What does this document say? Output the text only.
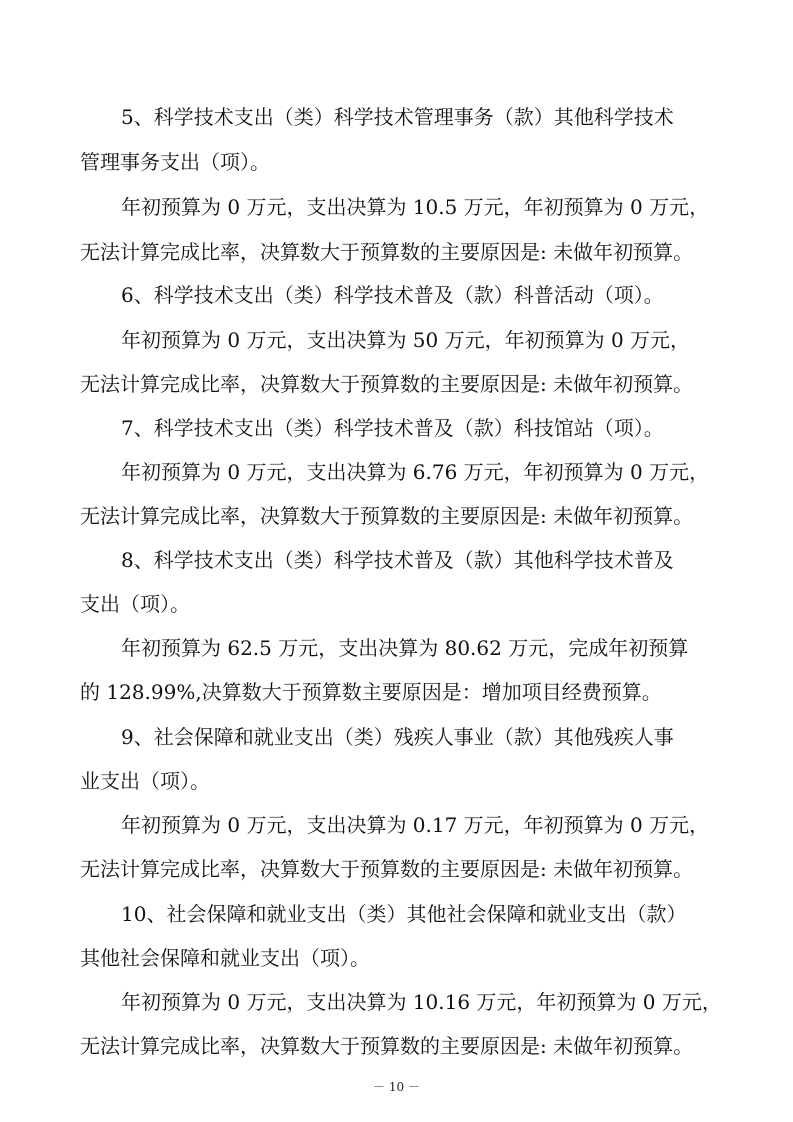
5、科学技术支出（类）科学技术管理事务（款）其他科学技术
管理事务支出（项）。
年初预算为 0 万元，支出决算为 10.5 万元，年初预算为 0 万元，
无法计算完成比率，决算数大于预算数的主要原因是: 未做年初预算。
6、科学技术支出（类）科学技术普及（款）科普活动（项）。
年初预算为 0 万元，支出决算为 50 万元，年初预算为 0 万元，
无法计算完成比率，决算数大于预算数的主要原因是: 未做年初预算。
7、科学技术支出（类）科学技术普及（款）科技馆站（项）。
年初预算为 0 万元，支出决算为 6.76 万元，年初预算为 0 万元，
无法计算完成比率，决算数大于预算数的主要原因是: 未做年初预算。
8、科学技术支出（类）科学技术普及（款）其他科学技术普及
支出（项）。
年初预算为 62.5 万元，支出决算为 80.62 万元，完成年初预算
的 128.99%,决算数大于预算数主要原因是：增加项目经费预算。
9、社会保障和就业支出（类）残疾人事业（款）其他残疾人事
业支出（项）。
年初预算为 0 万元，支出决算为 0.17 万元，年初预算为 0 万元，
无法计算完成比率，决算数大于预算数的主要原因是: 未做年初预算。
10、社会保障和就业支出（类）其他社会保障和就业支出（款）
其他社会保障和就业支出（项）。
年初预算为 0 万元，支出决算为 10.16 万元，年初预算为 0 万元，
无法计算完成比率，决算数大于预算数的主要原因是: 未做年初预算。
－ 10 －
